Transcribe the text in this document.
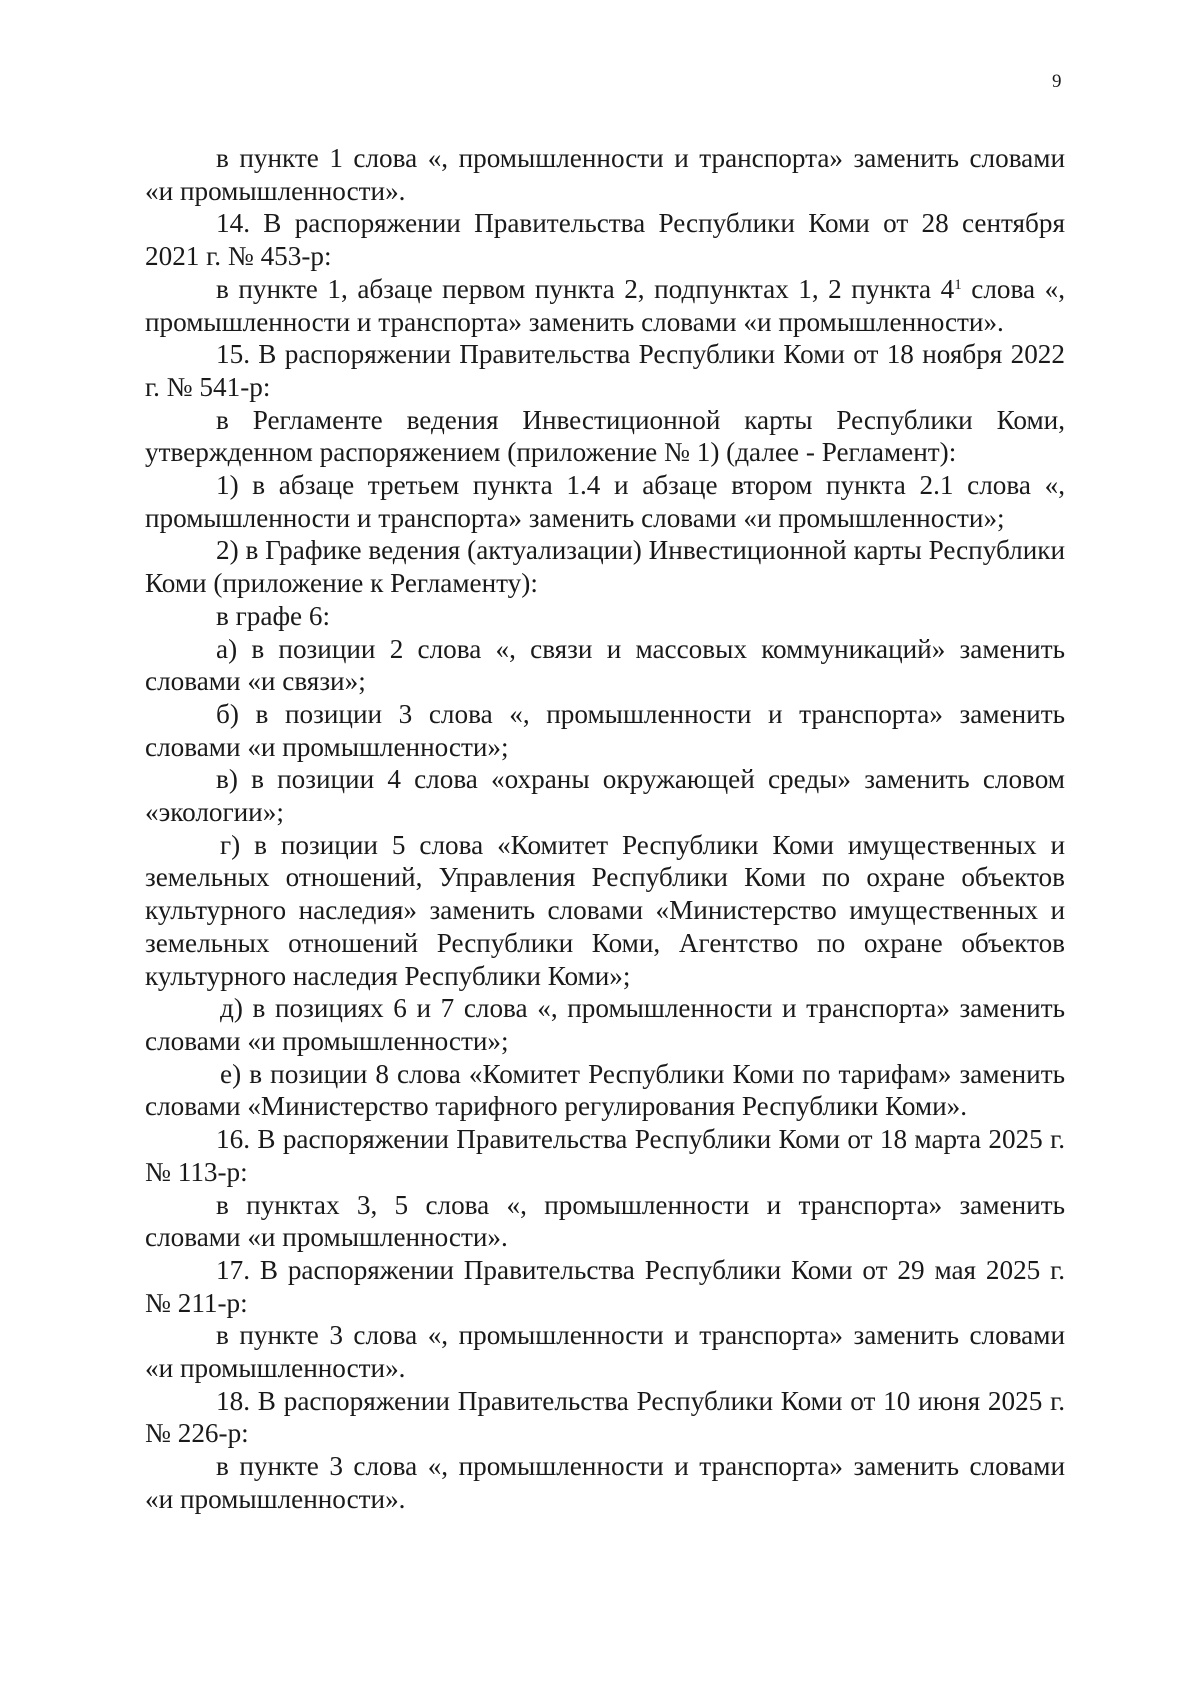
9

в пункте 1 слова «, промышленности и транспорта» заменить словами «и промышленности».

14. В распоряжении Правительства Республики Коми от 28 сентября 2021 г. № 453-р:

в пункте 1, абзаце первом пункта 2, подпунктах 1, 2 пункта $4^1$ слова «, промышленности и транспорта» заменить словами «и промышленности».

15. В распоряжении Правительства Республики Коми от 18 ноября 2022 г. № 541-р:

в Регламенте ведения Инвестиционной карты Республики Коми, утвержденном распоряжением (приложение № 1) (далее - Регламент):

1) в абзаце третьем пункта 1.4 и абзаце втором пункта 2.1 слова «, промышленности и транспорта» заменить словами «и промышленности»;

2) в Графике ведения (актуализации) Инвестиционной карты Республики Коми (приложение к Регламенту):

в графе 6:

а) в позиции 2 слова «, связи и массовых коммуникаций» заменить словами «и связи»;

б) в позиции 3 слова «, промышленности и транспорта» заменить словами «и промышленности»;

в) в позиции 4 слова «охраны окружающей среды» заменить словом «экологии»;

г) в позиции 5 слова «Комитет Республики Коми имущественных и земельных отношений, Управления Республики Коми по охране объектов культурного наследия» заменить словами «Министерство имущественных и земельных отношений Республики Коми, Агентство по охране объектов культурного наследия Республики Коми»;

д) в позициях 6 и 7 слова «, промышленности и транспорта» заменить словами «и промышленности»;

е) в позиции 8 слова «Комитет Республики Коми по тарифам» заменить словами «Министерство тарифного регулирования Республики Коми».

16. В распоряжении Правительства Республики Коми от 18 марта 2025 г. № 113-р:

в пунктах 3, 5 слова «, промышленности и транспорта» заменить словами «и промышленности».

17. В распоряжении Правительства Республики Коми от 29 мая 2025 г. № 211-р:

в пункте 3 слова «, промышленности и транспорта» заменить словами «и промышленности».

18. В распоряжении Правительства Республики Коми от 10 июня 2025 г. № 226-р:

в пункте 3 слова «, промышленности и транспорта» заменить словами «и промышленности».
